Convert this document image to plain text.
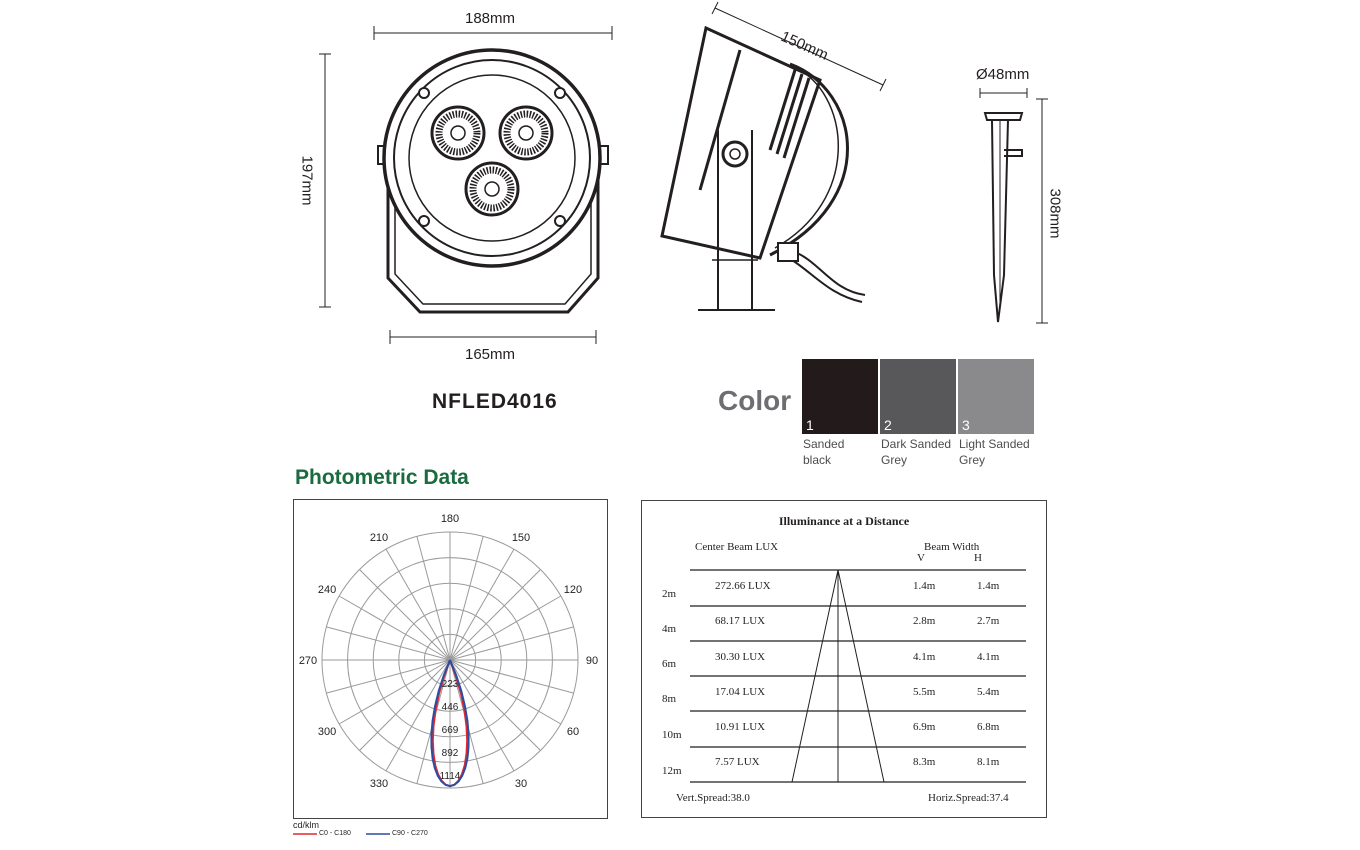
188mm
197mm
165mm
150mm
Ø48mm
308mm
NFLED4016	Color
1	2	3
Sanded
black
Dark Sanded
Grey
Light Sanded
Grey
Photometric Data
180
150
120
90
60
30
330
300
270
240
210
223
446
669
892
1114
cd/klm
C0 - C180	C90 - C270
Illuminance at a Distance
Center Beam LUX	Beam Width
V	H
2m
272.66 LUX	1.4m	1.4m
4m
68.17 LUX	2.8m	2.7m
6m
30.30 LUX	4.1m	4.1m
8m
17.04 LUX	5.5m	5.4m
10m
10.91 LUX	6.9m	6.8m
12m
7.57 LUX	8.3m	8.1m
Vert.Spread:38.0	Horiz.Spread:37.4
